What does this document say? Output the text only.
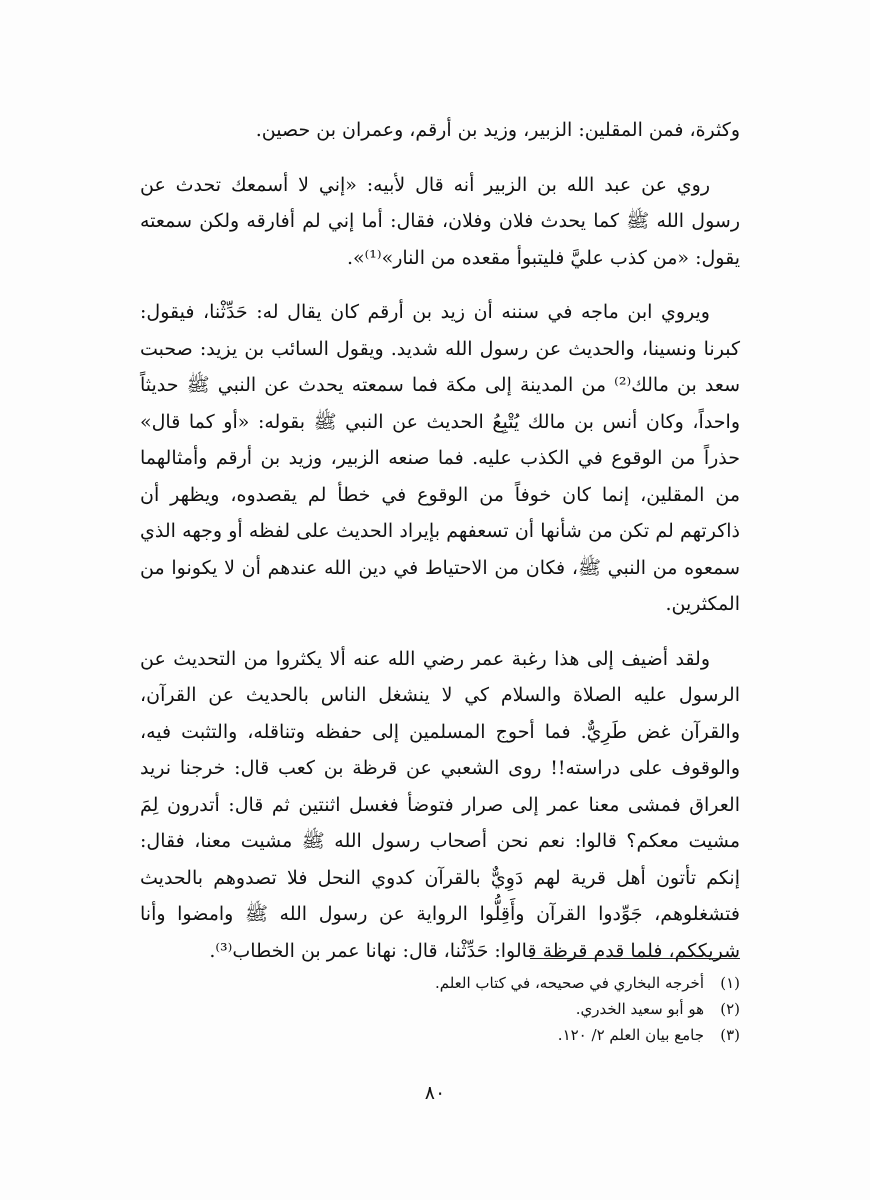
وكثرة، فمن المقلين: الزبير، وزيد بن أرقم، وعمران بن حصين.

روي عن عبد الله بن الزبير أنه قال لأبيه: «إني لا أسمعك تحدث عن رسول الله ﷺ كما يحدث فلان وفلان، فقال: أما إني لم أفارقه ولكن سمعته يقول: «من كذب عليَّ فليتبوأ مقعده من النار»⁽¹⁾».

ويروي ابن ماجه في سننه أن زيد بن أرقم كان يقال له: حَدِّثْنا، فيقول: كبرنا ونسينا، والحديث عن رسول الله شديد. ويقول السائب بن يزيد: صحبت سعد بن مالك⁽²⁾ من المدينة إلى مكة فما سمعته يحدث عن النبي ﷺ حديثاً واحداً، وكان أنس بن مالك يُتْبِعُ الحديث عن النبي ﷺ بقوله: «أو كما قال» حذراً من الوقوع في الكذب عليه. فما صنعه الزبير، وزيد بن أرقم وأمثالهما من المقلين، إنما كان خوفاً من الوقوع في خطأ لم يقصدوه، ويظهر أن ذاكرتهم لم تكن من شأنها أن تسعفهم بإيراد الحديث على لفظه أو وجهه الذي سمعوه من النبي ﷺ، فكان من الاحتياط في دين الله عندهم أن لا يكونوا من المكثرين.

ولقد أضيف إلى هذا رغبة عمر رضي الله عنه ألا يكثروا من التحديث عن الرسول عليه الصلاة والسلام كي لا ينشغل الناس بالحديث عن القرآن، والقرآن غض طَرِيٌّ. فما أحوج المسلمين إلى حفظه وتناقله، والتثبت فيه، والوقوف على دراسته!! روى الشعبي عن قرظة بن كعب قال: خرجنا نريد العراق فمشى معنا عمر إلى صرار فتوضأ فغسل اثنتين ثم قال: أتدرون لِمَ مشيت معكم؟ قالوا: نعم نحن أصحاب رسول الله ﷺ مشيت معنا، فقال: إنكم تأتون أهل قرية لهم دَوِيٌّ بالقرآن كدوي النحل فلا تصدوهم بالحديث فتشغلوهم، جَوِّدوا القرآن وأَقِلُّوا الرواية عن رسول الله ﷺ وامضوا وأنا شريككم، فلما قدم قرظة قالوا: حَدِّثْنا، قال: نهانا عمر بن الخطاب⁽³⁾.

(١)
أخرجه البخاري في صحيحه، في كتاب العلم.
(٢)
هو أبو سعيد الخدري.
(٣)
جامع بيان العلم ٢/ ١٢٠.
٨٠
